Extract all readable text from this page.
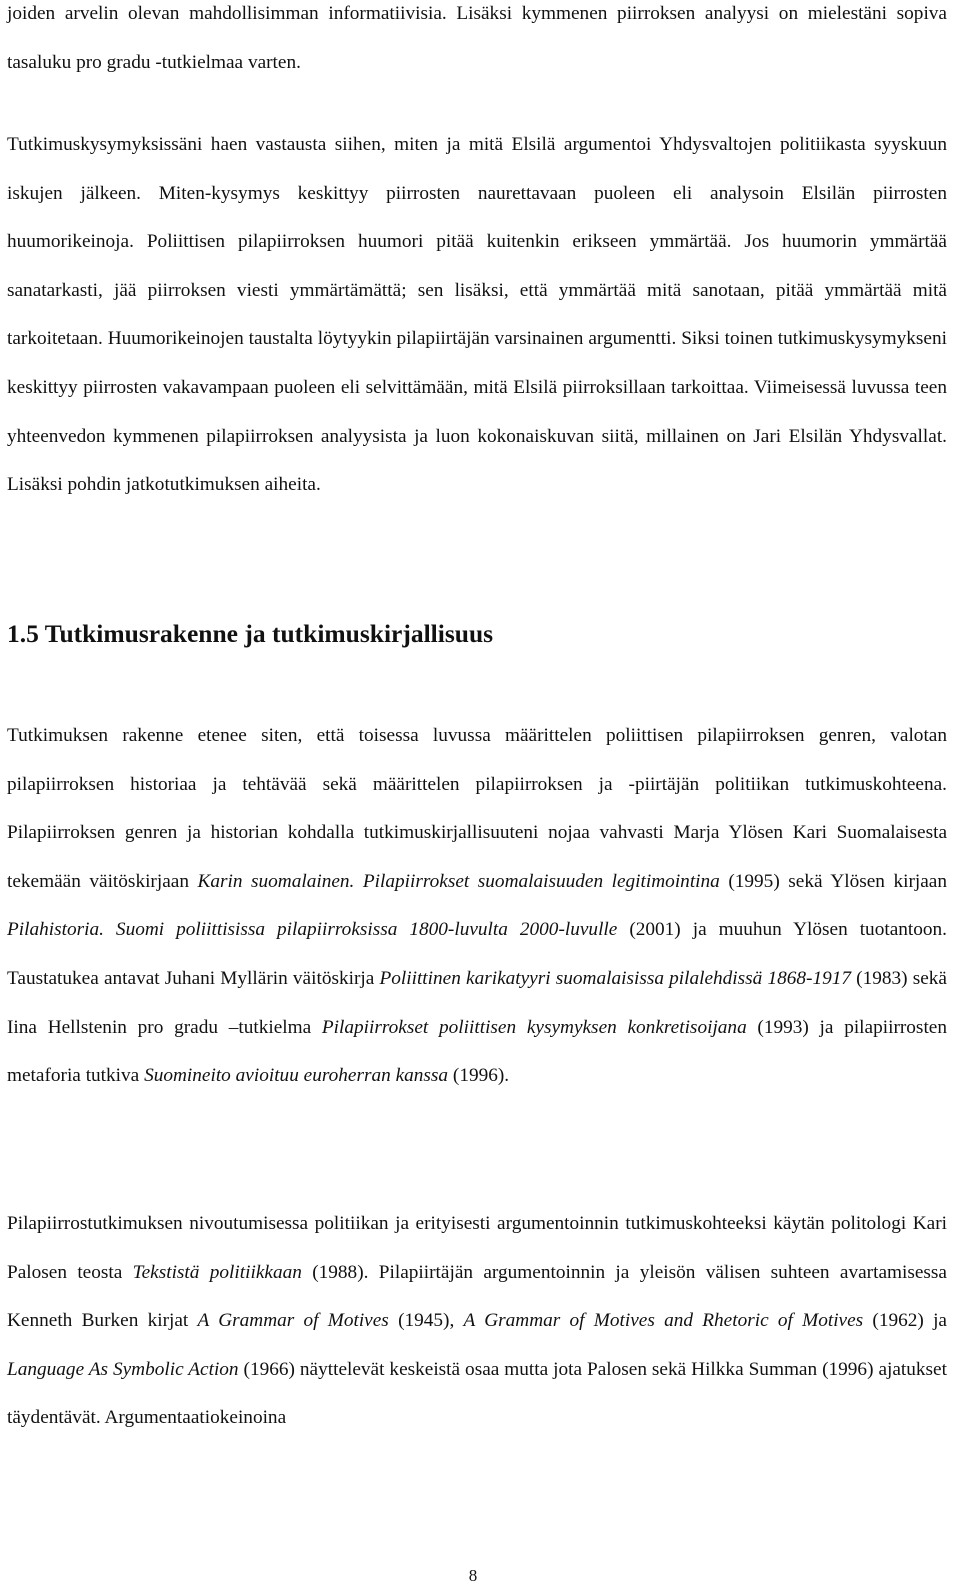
joiden arvelin olevan mahdollisimman informatiivisia. Lisäksi kymmenen piirroksen analyysi on mielestäni sopiva tasaluku pro gradu -tutkielmaa varten.

Tutkimuskysymyksissäni haen vastausta siihen, miten ja mitä Elsilä argumentoi Yhdysvaltojen politiikasta syyskuun iskujen jälkeen. Miten-kysymys keskittyy piirrosten naurettavaan puoleen eli analysoin Elsilän piirrosten huumorikeinoja. Poliittisen pilapiirroksen huumori pitää kuitenkin erikseen ymmärtää. Jos huumorin ymmärtää sanatarkasti, jää piirroksen viesti ymmärtämättä; sen lisäksi, että ymmärtää mitä sanotaan, pitää ymmärtää mitä tarkoitetaan. Huumorikeinojen taustalta löytyykin pilapiirtäjän varsinainen argumentti. Siksi toinen tutkimuskysymykseni keskittyy piirrosten vakavampaan puoleen eli selvittämään, mitä Elsilä piirroksillaan tarkoittaa. Viimeisessä luvussa teen yhteenvedon kymmenen pilapiirroksen analyysista ja luon kokonaiskuvan siitä, millainen on Jari Elsilän Yhdysvallat. Lisäksi pohdin jatkotutkimuksen aiheita.

1.5 Tutkimusrakenne ja tutkimuskirjallisuus

Tutkimuksen rakenne etenee siten, että toisessa luvussa määrittelen poliittisen pilapiirroksen genren, valotan pilapiirroksen historiaa ja tehtävää sekä määrittelen pilapiirroksen ja -piirtäjän politiikan tutkimuskohteena. Pilapiirroksen genren ja historian kohdalla tutkimuskirjallisuuteni nojaa vahvasti Marja Ylösen Kari Suomalaisesta tekemään väitöskirjaan Karin suomalainen. Pilapiirrokset suomalaisuuden legitimointina (1995) sekä Ylösen kirjaan Pilahistoria. Suomi poliittisissa pilapiirroksissa 1800-luvulta 2000-luvulle (2001) ja muuhun Ylösen tuotantoon. Taustatukea antavat Juhani Myllärin väitöskirja Poliittinen karikatyyri suomalaisissa pilalehdissä 1868-1917 (1983) sekä Iina Hellstenin pro gradu –tutkielma Pilapiirrokset poliittisen kysymyksen konkretisoijana (1993) ja pilapiirrosten metaforia tutkiva Suomineito avioituu euroherran kanssa (1996).

Pilapiirrostutkimuksen nivoutumisessa politiikan ja erityisesti argumentoinnin tutkimuskohteeksi käytän politologi Kari Palosen teosta Tekstistä politiikkaan (1988). Pilapiirtäjän argumentoinnin ja yleisön välisen suhteen avartamisessa Kenneth Burken kirjat A Grammar of Motives (1945), A Grammar of Motives and Rhetoric of Motives (1962) ja Language As Symbolic Action (1966) näyttelevät keskeistä osaa mutta jota Palosen sekä Hilkka Summan (1996) ajatukset täydentävät. Argumentaatiokeinoina

8
